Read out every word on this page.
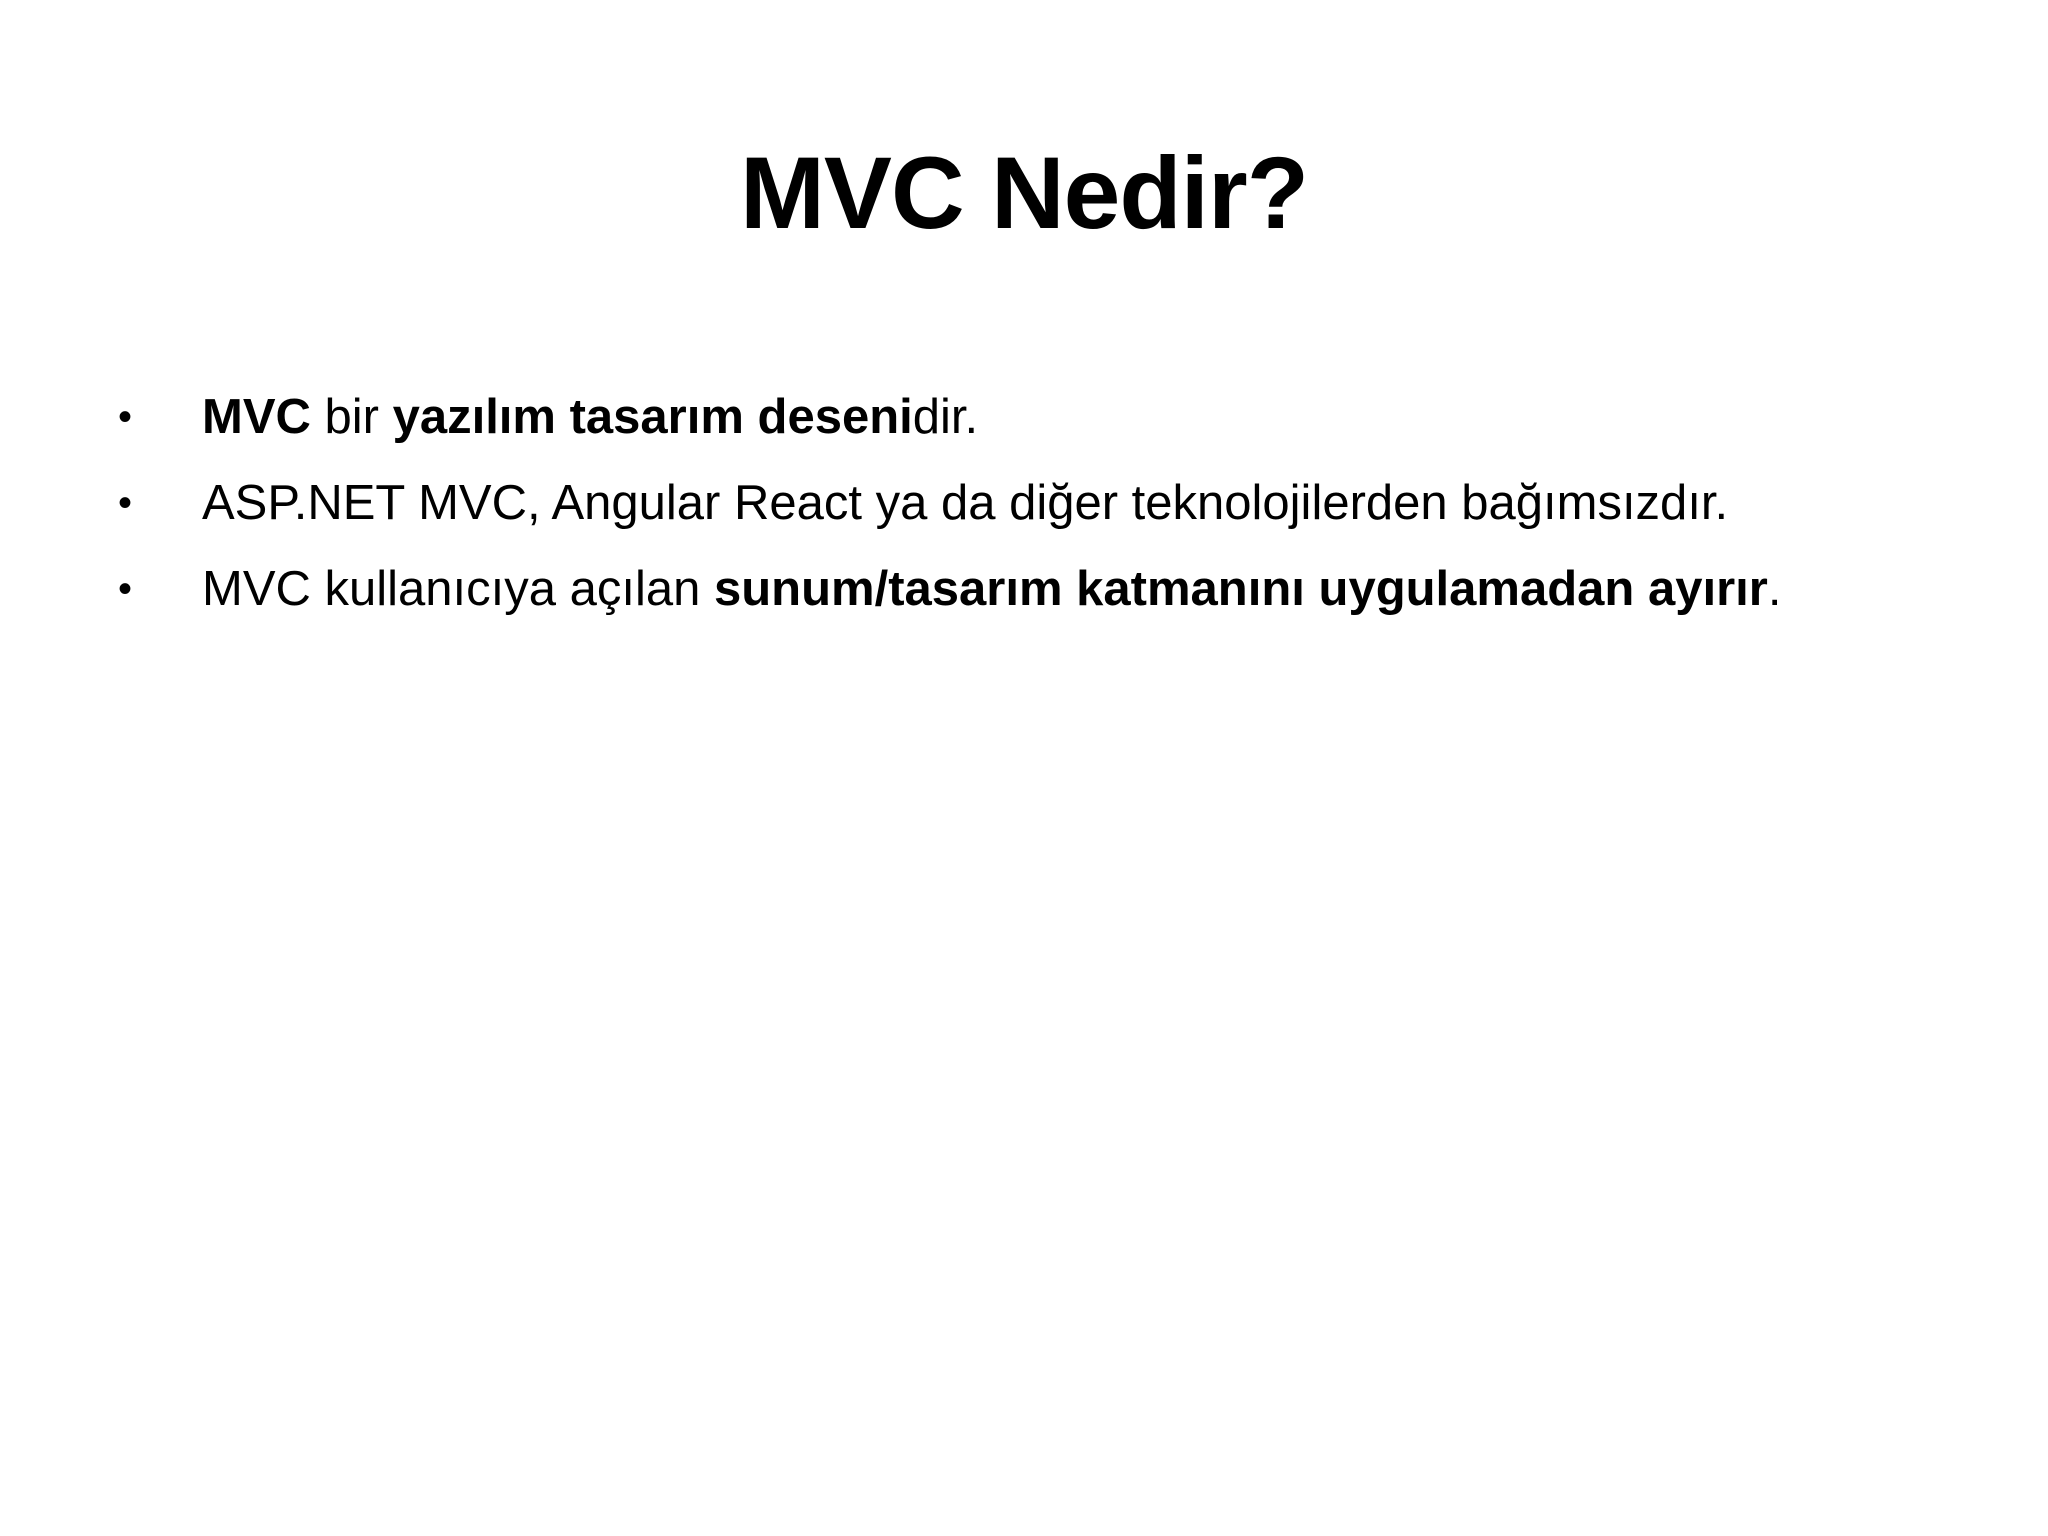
MVC Nedir?
•	MVC bir yazılım tasarım desenidir.
•	ASP.NET MVC, Angular React ya da diğer teknolojilerden bağımsızdır.
•	MVC kullanıcıya açılan sunum/tasarım katmanını uygulamadan ayırır.
